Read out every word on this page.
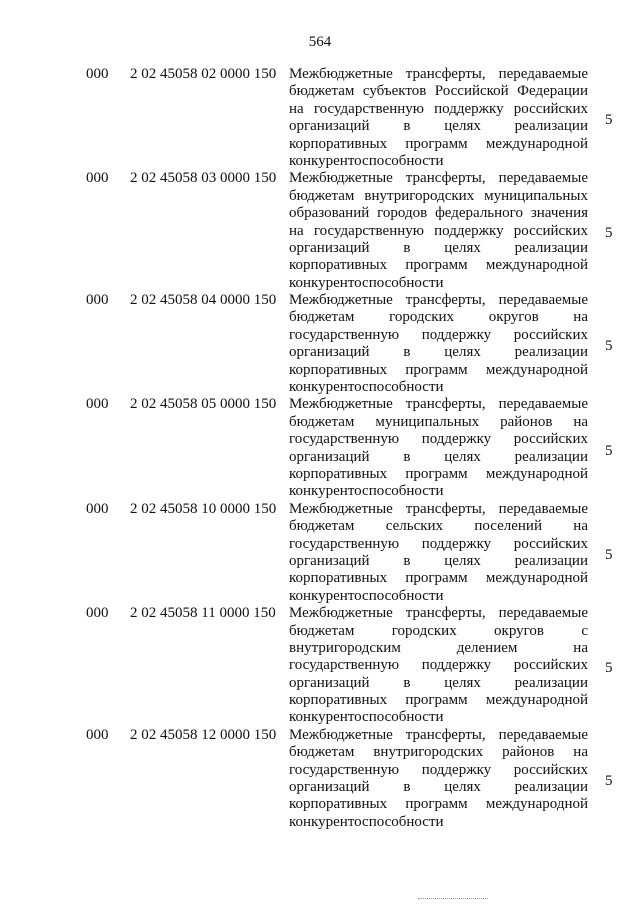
564
000 2 02 45058 02 0000 150 Межбюджетные трансферты, передаваемые
бюджетам субъектов Российской Федерации
на государственную поддержку российских
организаций в целях реализации
корпоративных программ международной
конкурентоспособности
5
000 2 02 45058 03 0000 150 Межбюджетные трансферты, передаваемые
бюджетам внутригородских муниципальных
образований городов федерального значения
на государственную поддержку российских
организаций в целях реализации
корпоративных программ международной
конкурентоспособности
5
000 2 02 45058 04 0000 150 Межбюджетные трансферты, передаваемые
бюджетам городских округов на
государственную поддержку российских
организаций в целях реализации
корпоративных программ международной
конкурентоспособности
5
000 2 02 45058 05 0000 150 Межбюджетные трансферты, передаваемые
бюджетам муниципальных районов на
государственную поддержку российских
организаций в целях реализации
корпоративных программ международной
конкурентоспособности
5
000 2 02 45058 10 0000 150 Межбюджетные трансферты, передаваемые
бюджетам сельских поселений на
государственную поддержку российских
организаций в целях реализации
корпоративных программ международной
конкурентоспособности
5
000 2 02 45058 11 0000 150 Межбюджетные трансферты, передаваемые
бюджетам городских округов с
внутригородским делением на
государственную поддержку российских
организаций в целях реализации
корпоративных программ международной
конкурентоспособности
5
000 2 02 45058 12 0000 150 Межбюджетные трансферты, передаваемые
бюджетам внутригородских районов на
государственную поддержку российских
организаций в целях реализации
корпоративных программ международной
конкурентоспособности
5
